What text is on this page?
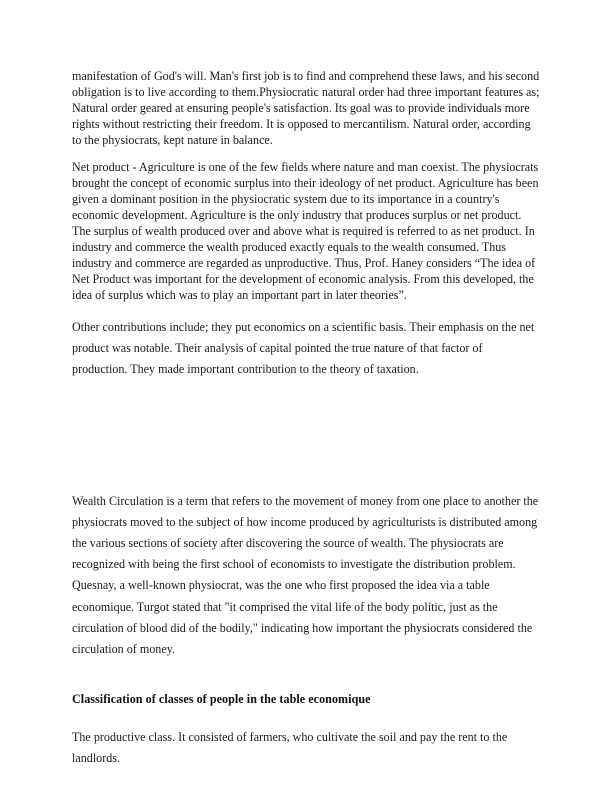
manifestation of God's will. Man's first job is to find and comprehend these laws, and his second obligation is to live according to them.Physiocratic natural order had three important features as; Natural order geared at ensuring people's satisfaction. Its goal was to provide individuals more rights without restricting their freedom. It is opposed to mercantilism. Natural order, according to the physiocrats, kept nature in balance.

Net product - Agriculture is one of the few fields where nature and man coexist. The physiocrats brought the concept of economic surplus into their ideology of net product. Agriculture has been given a dominant position in the physiocratic system due to its importance in a country's economic development. Agriculture is the only industry that produces surplus or net product. The surplus of wealth produced over and above what is required is referred to as net product. In industry and commerce the wealth produced exactly equals to the wealth consumed. Thus industry and commerce are regarded as unproductive. Thus, Prof. Haney considers “The idea of Net Product was important for the development of economic analysis. From this developed, the idea of surplus which was to play an important part in later theories”.

Other contributions include; they put economics on a scientific basis. Their emphasis on the net product was notable. Their analysis of capital pointed the true nature of that factor of production. They made important contribution to the theory of taxation.

Wealth Circulation is a term that refers to the movement of money from one place to another the physiocrats moved to the subject of how income produced by agriculturists is distributed among the various sections of society after discovering the source of wealth. The physiocrats are recognized with being the first school of economists to investigate the distribution problem. Quesnay, a well-known physiocrat, was the one who first proposed the idea via a table economique. Turgot stated that "it comprised the vital life of the body politic, just as the circulation of blood did of the bodily," indicating how important the physiocrats considered the circulation of money.

Classification of classes of people in the table economique

The productive class. It consisted of farmers, who cultivate the soil and pay the rent to the landlords.
